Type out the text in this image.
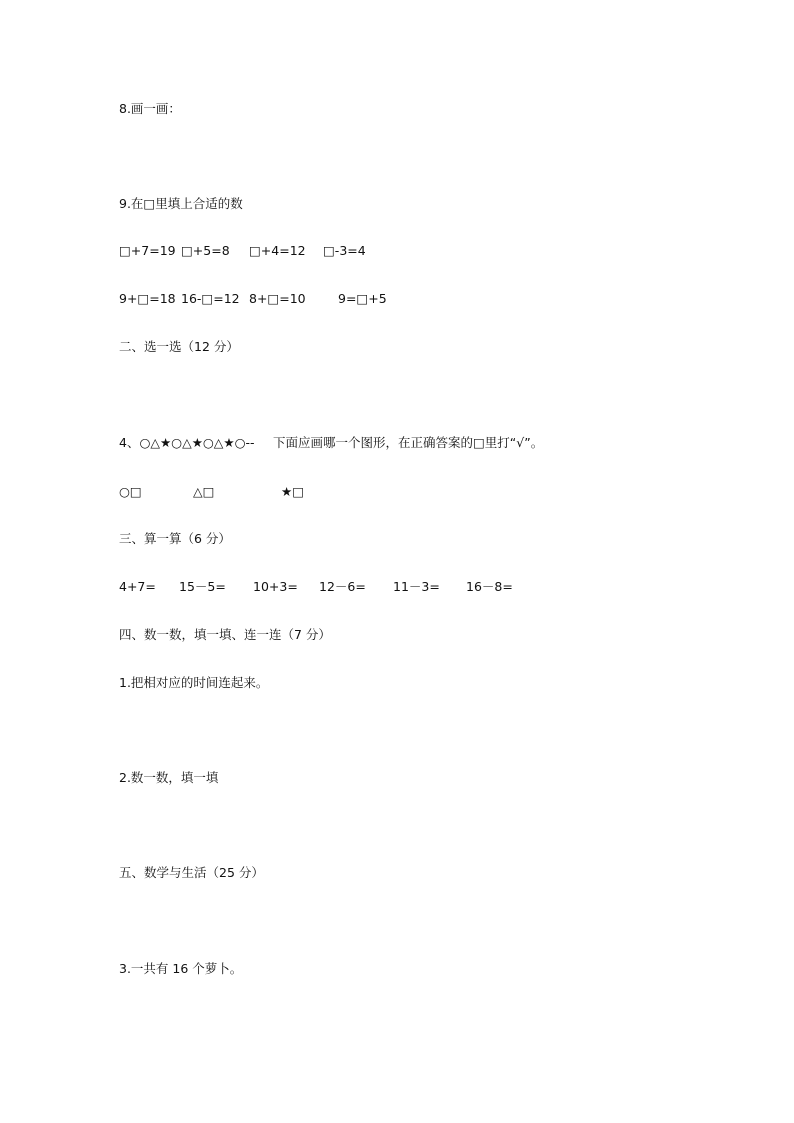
8.画一画：
9.在□里填上合适的数
□+7=19 □+5=8 □+4=12 □-3=4
9+□=18 16-□=12 8+□=10	9=□+5
二、选一选（12 分）
4、○△★○△★○△★○-- 下面应画哪一个图形，在正确答案的□里打“√”。
○□	△□	★□
三、算一算（6 分）
4+7= 15－5= 10+3= 12－6= 11－3= 16－8=
四、数一数，填一填、连一连（7 分）
1.把相对应的时间连起来。
2.数一数，填一填
五、数学与生活（25 分）
3.一共有 16 个萝卜。
